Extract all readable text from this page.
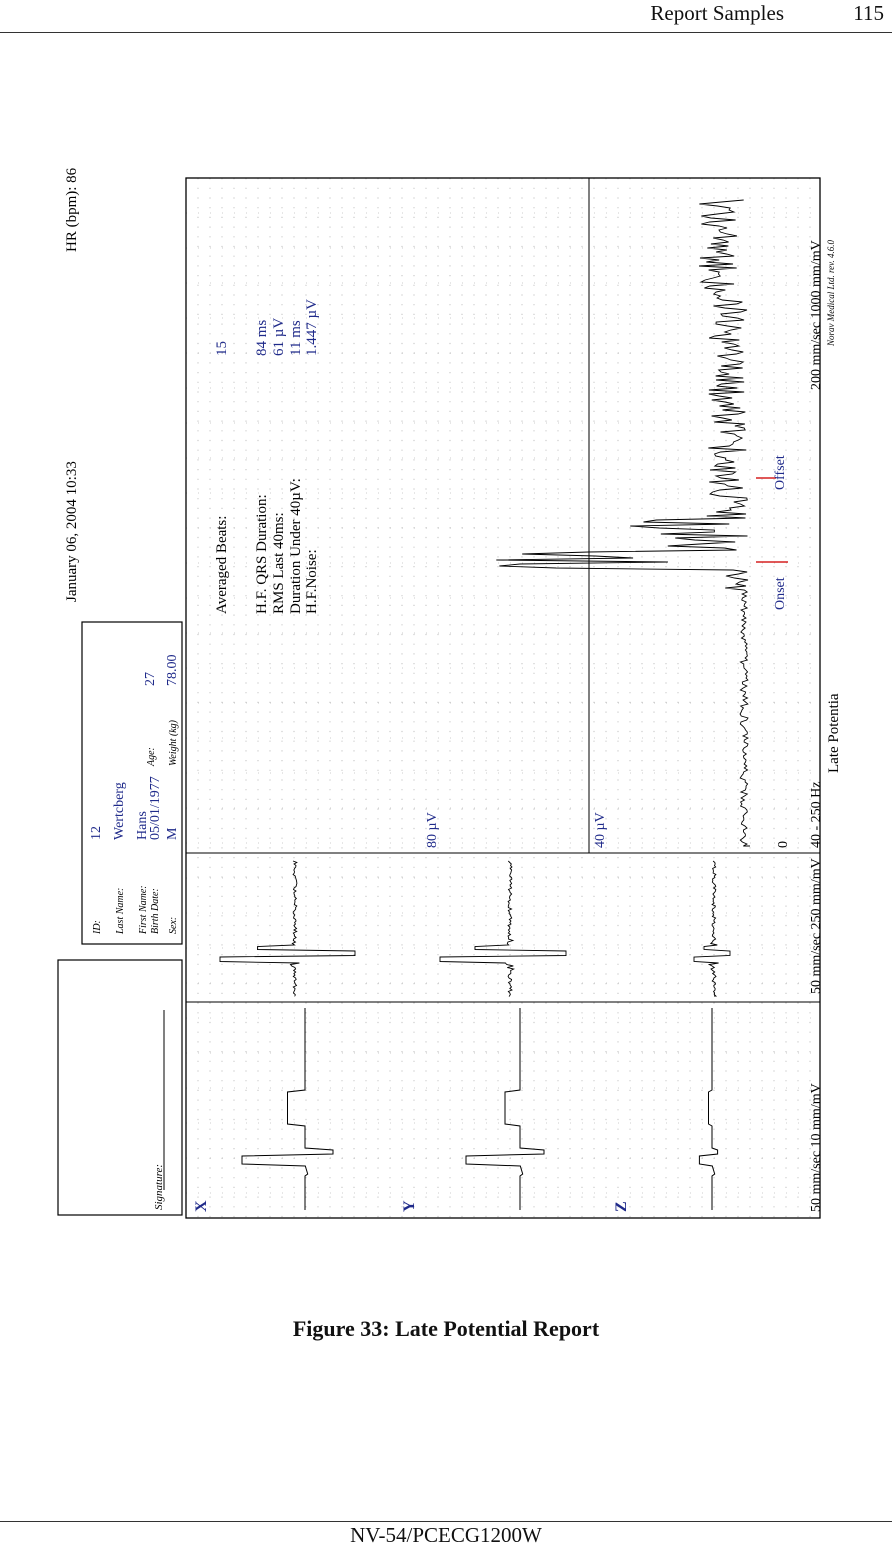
Report Samples	115
Signature:
ID:
12
Last Name:
Wertcberg
First Name:
Hans
Birth Date:
05/01/1977
Age:
27
Sex:
M
Weight (kg)
78.00
January 06, 2004 10:33
HR (bpm): 86
Onset
Offset
80 µV	40 µV	0
X	Y	Z
Averaged Beats:
15
H.F. QRS Duration:
84 ms
RMS Last 40ms:
61 µV
Duration Under 40µV:
11 ms
H.F.Noise:
1.447 µV
50 mm/sec 10 mm/mV
50 mm/sec 250 mm/mV
40 - 250 Hz
Late Potentia
200 mm/sec 1000 mm/mV Norav Medical Ltd. rev. 4.6.0
Figure 33: Late Potential Report
NV-54/PCECG1200W
